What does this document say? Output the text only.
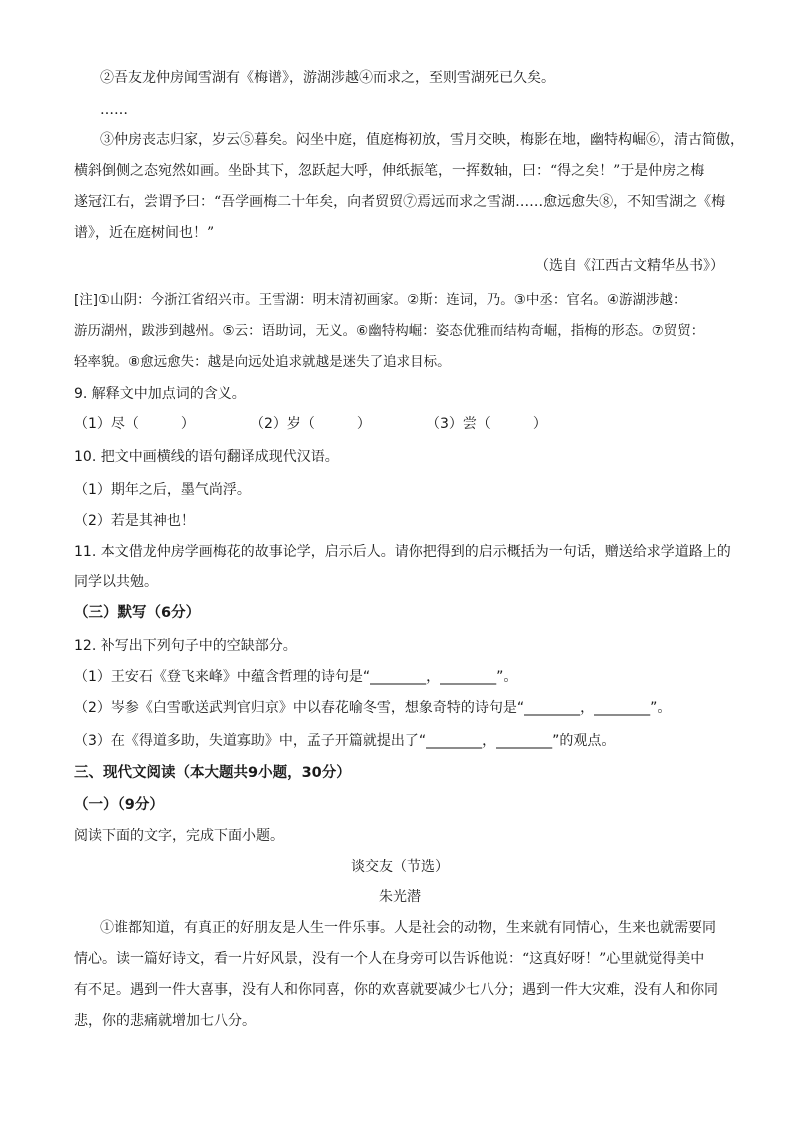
②吾友龙仲房闻雪湖有《梅谱》，游湖涉越④而求之，至则雪湖死已久矣。
……
③仲房丧志归家，岁云⑤暮矣。闷坐中庭，值庭梅初放，雪月交映，梅影在地，幽特构崛⑥，清古简傲，
横斜倒侧之态宛然如画。坐卧其下，忽跃起大呼，伸纸振笔，一挥数轴，曰：“得之矣！”于是仲房之梅
遂冠江右，尝谓予曰：“吾学画梅二十年矣，向者贸贸⑦焉远而求之雪湖……愈远愈失⑧，不知雪湖之《梅
谱》，近在庭树间也！”
（选自《江西古文精华丛书》）
[注]①山阴：今浙江省绍兴市。王雪湖：明末清初画家。②斯：连词，乃。③中丞：官名。④游湖涉越：
游历湖州，跋涉到越州。⑤云：语助词，无义。⑥幽特构崛：姿态优雅而结构奇崛，指梅的形态。⑦贸贸：
轻率貌。⑧愈远愈失：越是向远处追求就越是迷失了追求目标。
9. 解释文中加点词的含义。
（1）尽（　　　）	（2）岁（　　　）	（3）尝（　　　）
10. 把文中画横线的语句翻译成现代汉语。
（1）期年之后，墨气尚浮。
（2）若是其神也！
11. 本文借龙仲房学画梅花的故事论学，启示后人。请你把得到的启示概括为一句话，赠送给求学道路上的
同学以共勉。
（三）默写（6分）
12. 补写出下列句子中的空缺部分。
（1）王安石《登飞来峰》中蕴含哲理的诗句是“________，________”。
（2）岑参《白雪歌送武判官归京》中以春花喻冬雪，想象奇特的诗句是“________，________”。
（3）在《得道多助，失道寡助》中，孟子开篇就提出了“________，________”的观点。
三、现代文阅读（本大题共9小题，30分）
（一）（9分）
阅读下面的文字，完成下面小题。
谈交友（节选）
朱光潜
①谁都知道，有真正的好朋友是人生一件乐事。人是社会的动物，生来就有同情心，生来也就需要同
情心。读一篇好诗文，看一片好风景，没有一个人在身旁可以告诉他说：“这真好呀！”心里就觉得美中
有不足。遇到一件大喜事，没有人和你同喜，你的欢喜就要减少七八分；遇到一件大灾难，没有人和你同
悲，你的悲痛就增加七八分。
